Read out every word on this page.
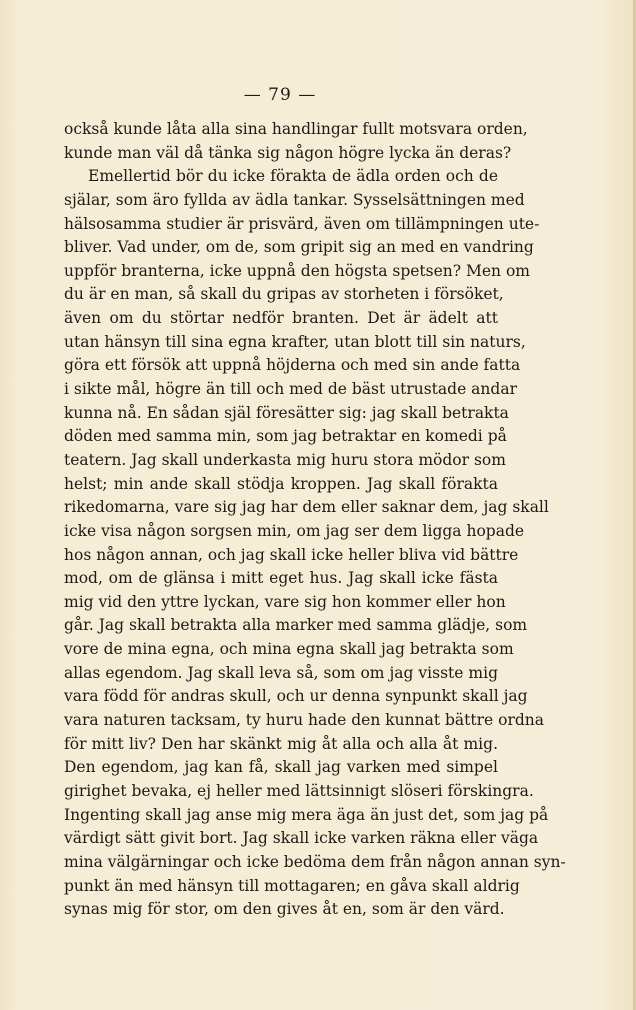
— 79 —
också kunde låta alla sina handlingar fullt motsvara orden,
kunde man väl då tänka sig någon högre lycka än deras?
Emellertid bör du icke förakta de ädla orden och de
själar, som äro fyllda av ädla tankar. Sysselsättningen med
hälsosamma studier är prisvärd, även om tillämpningen ute-
bliver. Vad under, om de, som gripit sig an med en vandring
uppför branterna, icke uppnå den högsta spetsen? Men om
du är en man, så skall du gripas av storheten i försöket,
även om du störtar nedför branten. Det är ädelt att
utan hänsyn till sina egna krafter, utan blott till sin naturs,
göra ett försök att uppnå höjderna och med sin ande fatta
i sikte mål, högre än till och med de bäst utrustade andar
kunna nå. En sådan själ föresätter sig: jag skall betrakta
döden med samma min, som jag betraktar en komedi på
teatern. Jag skall underkasta mig huru stora mödor som
helst; min ande skall stödja kroppen. Jag skall förakta
rikedomarna, vare sig jag har dem eller saknar dem, jag skall
icke visa någon sorgsen min, om jag ser dem ligga hopade
hos någon annan, och jag skall icke heller bliva vid bättre
mod, om de glänsa i mitt eget hus. Jag skall icke fästa
mig vid den yttre lyckan, vare sig hon kommer eller hon
går. Jag skall betrakta alla marker med samma glädje, som
vore de mina egna, och mina egna skall jag betrakta som
allas egendom. Jag skall leva så, som om jag visste mig
vara född för andras skull, och ur denna synpunkt skall jag
vara naturen tacksam, ty huru hade den kunnat bättre ordna
för mitt liv? Den har skänkt mig åt alla och alla åt mig.
Den egendom, jag kan få, skall jag varken med simpel
girighet bevaka, ej heller med lättsinnigt slöseri förskingra.
Ingenting skall jag anse mig mera äga än just det, som jag på
värdigt sätt givit bort. Jag skall icke varken räkna eller väga
mina välgärningar och icke bedöma dem från någon annan syn-
punkt än med hänsyn till mottagaren; en gåva skall aldrig
synas mig för stor, om den gives åt en, som är den värd.
